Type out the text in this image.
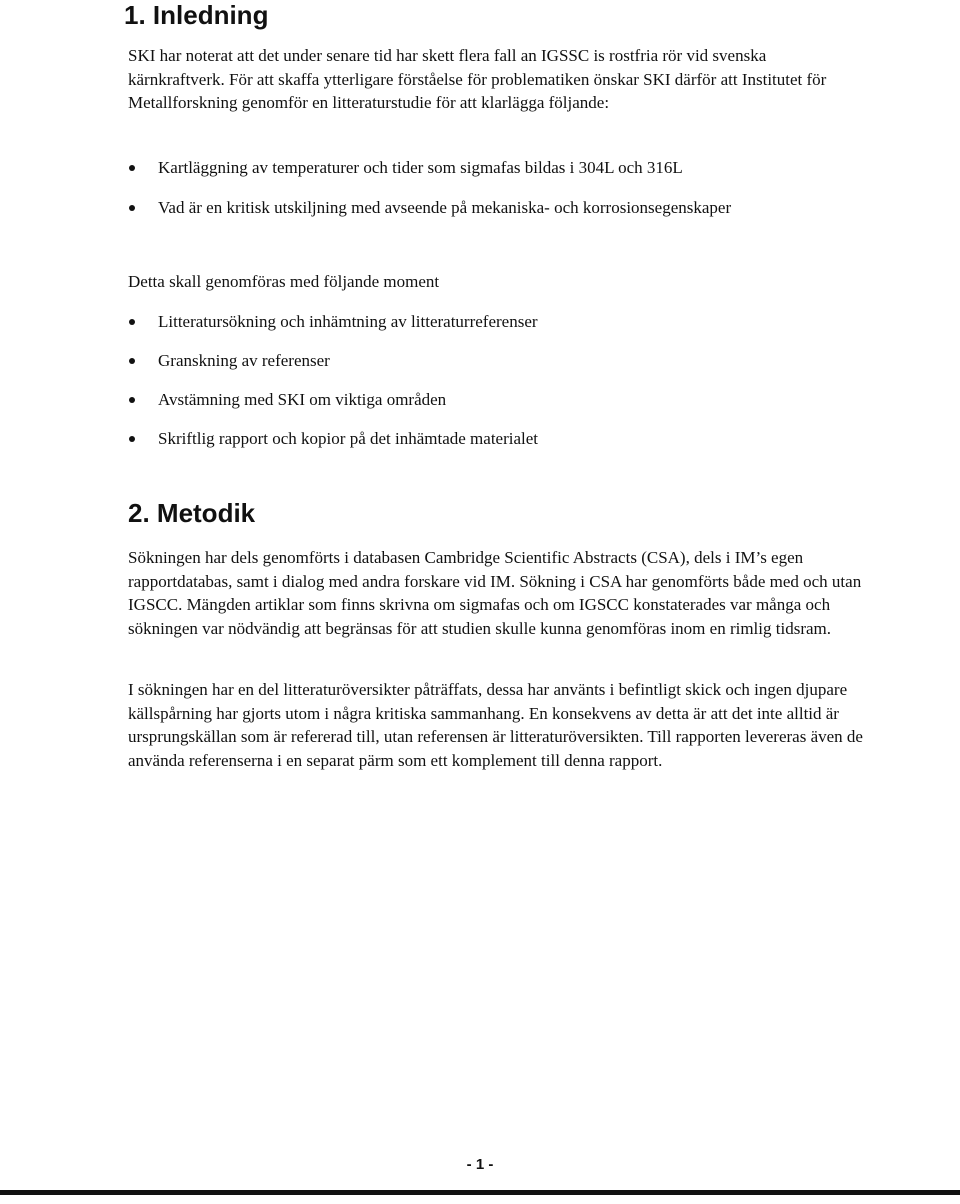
1. Inledning

SKI har noterat att det under senare tid har skett flera fall an IGSSC is rostfria rör vid svenska kärnkraftverk. För att skaffa ytterligare förståelse för problematiken önskar SKI därför att Institutet för Metallforskning genomför en litteraturstudie för att klarlägga följande:

Kartläggning av temperaturer och tider som sigmafas bildas i 304L och 316L
Vad är en kritisk utskiljning med avseende på mekaniska- och korrosionsegenskaper

Detta skall genomföras med följande moment

Litteratursökning och inhämtning av litteraturreferenser
Granskning av referenser
Avstämning med SKI om viktiga områden
Skriftlig rapport och kopior på det inhämtade materialet
2. Metodik

Sökningen har dels genomförts i databasen Cambridge Scientific Abstracts (CSA), dels i IM’s egen rapportdatabas, samt i dialog med andra forskare vid IM. Sökning i CSA har genomförts både med och utan IGSCC. Mängden artiklar som finns skrivna om sigmafas och om IGSCC konstaterades var många och sökningen var nödvändig att begränsas för att studien skulle kunna genomföras inom en rimlig tidsram.

I sökningen har en del litteraturöversikter påträffats, dessa har använts i befintligt skick och ingen djupare källspårning har gjorts utom i några kritiska sammanhang. En konsekvens av detta är att det inte alltid är ursprungskällan som är refererad till, utan referensen är litteraturöversikten. Till rapporten levereras även de använda referenserna i en separat pärm som ett komplement till denna rapport.

- 1 -
